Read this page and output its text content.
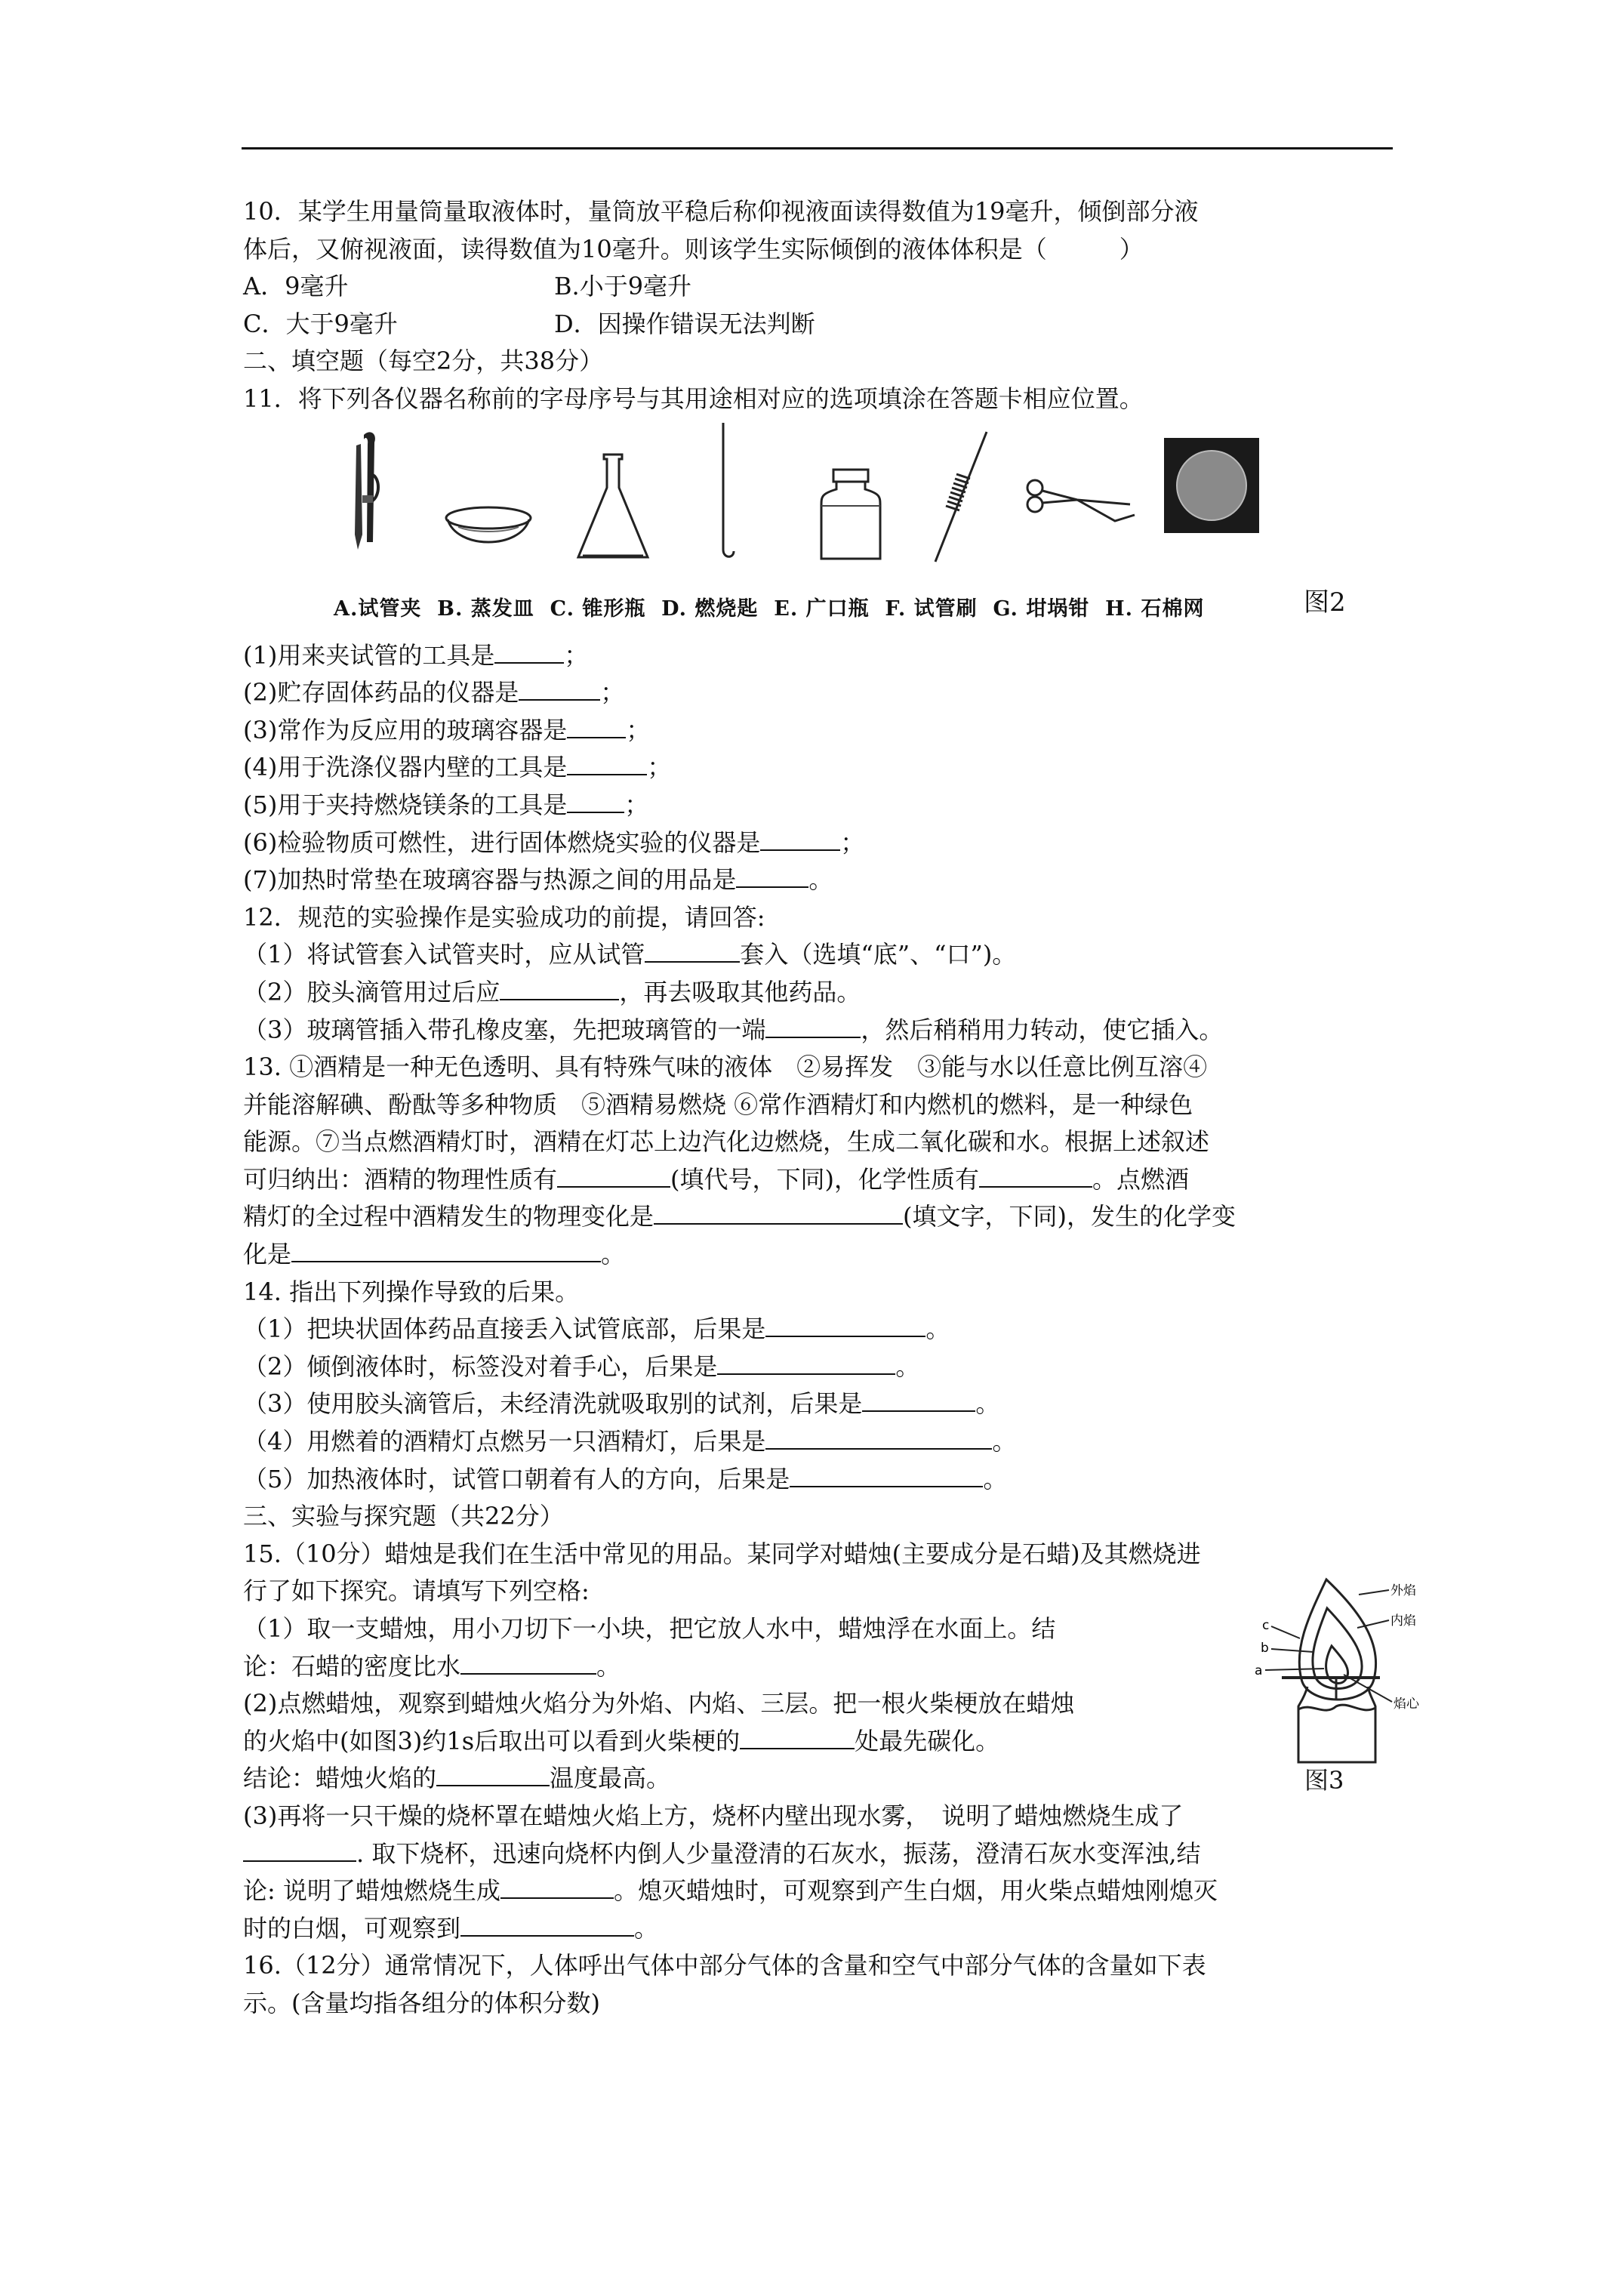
10．某学生用量筒量取液体时，量筒放平稳后称仰视液面读得数值为19毫升，倾倒部分液
体后，又俯视液面，读得数值为10毫升。则该学生实际倾倒的液体体积是（　　　）
A．9毫升	B.小于9毫升
C．大于9毫升	D．因操作错误无法判断
二、填空题（每空2分，共38分）
11．将下列各仪器名称前的字母序号与其用途相对应的选项填涂在答题卡相应位置。
A.试管夹  B. 蒸发皿  C. 锥形瓶  D. 燃烧匙  E. 广口瓶  F. 试管刷  G. 坩埚钳  H. 石棉网	图2
(1)用来夹试管的工具是	；
(2)贮存固体药品的仪器是	；
(3)常作为反应用的玻璃容器是 ；
(4)用于洗涤仪器内壁的工具是	；
(5)用于夹持燃烧镁条的工具是 ；
(6)检验物质可燃性，进行固体燃烧实验的仪器是	；
(7)加热时常垫在玻璃容器与热源之间的用品是	。
12．规范的实验操作是实验成功的前提，请回答:
（1）将试管套入试管夹时，应从试管	套入（选填“底”、“口”)。
（2）胶头滴管用过后应	，再去吸取其他药品。
（3）玻璃管插入带孔橡皮塞，先把玻璃管的一端	，然后稍稍用力转动，使它插入。
13. ①酒精是一种无色透明、具有特殊气味的液体　②易挥发　③能与水以任意比例互溶④
并能溶解碘、酚酞等多种物质　⑤酒精易燃烧 ⑥常作酒精灯和内燃机的燃料，是一种绿色
能源。⑦当点燃酒精灯时，酒精在灯芯上边汽化边燃烧，生成二氧化碳和水。根据上述叙述
可归纳出：酒精的物理性质有	(填代号，下同)，化学性质有	。点燃酒
精灯的全过程中酒精发生的物理变化是	(填文字，下同)，发生的化学变
化是	。
14. 指出下列操作导致的后果。
（1）把块状固体药品直接丢入试管底部，后果是	。
（2）倾倒液体时，标签没对着手心，后果是	。
（3）使用胶头滴管后，未经清洗就吸取别的试剂，后果是	。
（4）用燃着的酒精灯点燃另一只酒精灯，后果是	。
（5）加热液体时，试管口朝着有人的方向，后果是	。
三、实验与探究题（共22分）
15.（10分）蜡烛是我们在生活中常见的用品。某同学对蜡烛(主要成分是石蜡)及其燃烧进
行了如下探究。请填写下列空格:
（1）取一支蜡烛，用小刀切下一小块，把它放人水中，蜡烛浮在水面上。结
论：石蜡的密度比水	。
(2)点燃蜡烛，观察到蜡烛火焰分为外焰、内焰、三层。把一根火柴梗放在蜡烛
的火焰中(如图3)约1s后取出可以看到火柴梗的	处最先碳化。
结论：蜡烛火焰的	温度最高。
(3)再将一只干燥的烧杯罩在蜡烛火焰上方，烧杯内壁出现水雾，　说明了蜡烛燃烧生成了
. 取下烧杯，迅速向烧杯内倒人少量澄清的石灰水，振荡，澄清石灰水变浑浊,结
论: 说明了蜡烛燃烧生成	。熄灭蜡烛时，可观察到产生白烟，用火柴点蜡烛刚熄灭
时的白烟，可观察到	。
外焰
内焰
焰心
c
b
a
图3
16.（12分）通常情况下，人体呼出气体中部分气体的含量和空气中部分气体的含量如下表
示。(含量均指各组分的体积分数)
